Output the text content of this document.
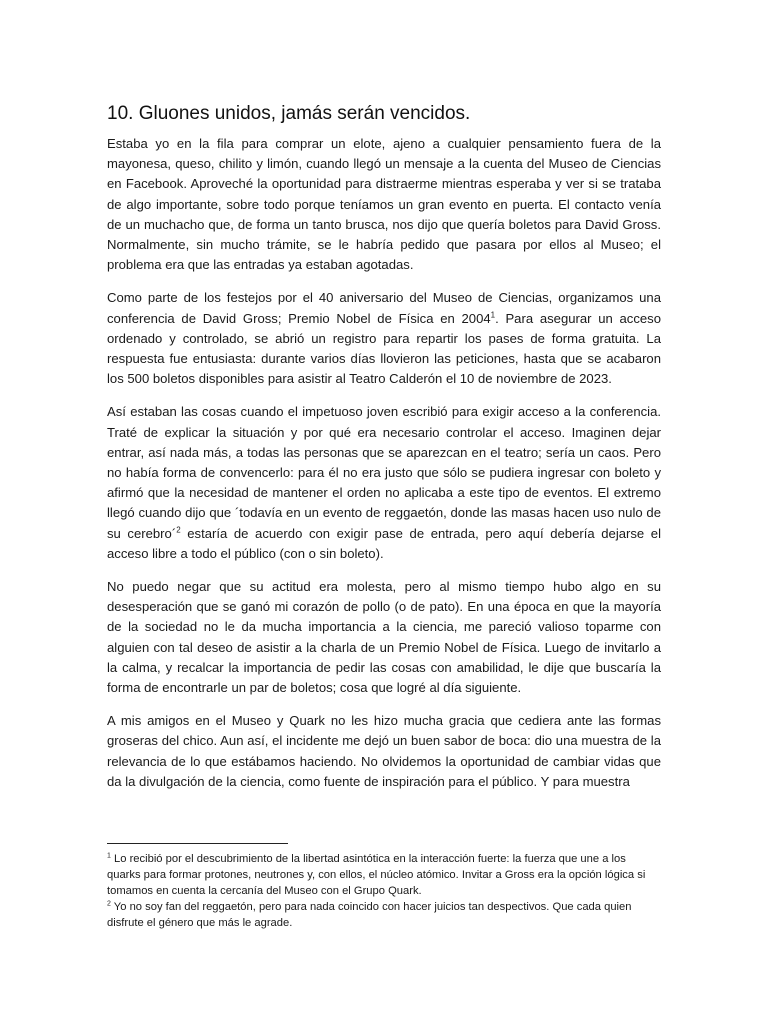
10. Gluones unidos, jamás serán vencidos.

Estaba yo en la fila para comprar un elote, ajeno a cualquier pensamiento fuera de la mayonesa, queso, chilito y limón, cuando llegó un mensaje a la cuenta del Museo de Ciencias en Facebook. Aproveché la oportunidad para distraerme mientras esperaba y ver si se trataba de algo importante, sobre todo porque teníamos un gran evento en puerta. El contacto venía de un muchacho que, de forma un tanto brusca, nos dijo que quería boletos para David Gross. Normalmente, sin mucho trámite, se le habría pedido que pasara por ellos al Museo; el problema era que las entradas ya estaban agotadas.

Como parte de los festejos por el 40 aniversario del Museo de Ciencias, organizamos una conferencia de David Gross; Premio Nobel de Física en 2004$^1$. Para asegurar un acceso ordenado y controlado, se abrió un registro para repartir los pases de forma gratuita. La respuesta fue entusiasta: durante varios días llovieron las peticiones, hasta que se acabaron los 500 boletos disponibles para asistir al Teatro Calderón el 10 de noviembre de 2023.

Así estaban las cosas cuando el impetuoso joven escribió para exigir acceso a la conferencia. Traté de explicar la situación y por qué era necesario controlar el acceso. Imaginen dejar entrar, así nada más, a todas las personas que se aparezcan en el teatro; sería un caos. Pero no había forma de convencerlo: para él no era justo que sólo se pudiera ingresar con boleto y afirmó que la necesidad de mantener el orden no aplicaba a este tipo de eventos. El extremo llegó cuando dijo que ´todavía en un evento de reggaetón, donde las masas hacen uso nulo de su cerebro´$^2$ estaría de acuerdo con exigir pase de entrada, pero aquí debería dejarse el acceso libre a todo el público (con o sin boleto).

No puedo negar que su actitud era molesta, pero al mismo tiempo hubo algo en su desesperación que se ganó mi corazón de pollo (o de pato). En una época en que la mayoría de la sociedad no le da mucha importancia a la ciencia, me pareció valioso toparme con alguien con tal deseo de asistir a la charla de un Premio Nobel de Física. Luego de invitarlo a la calma, y recalcar la importancia de pedir las cosas con amabilidad, le dije que buscaría la forma de encontrarle un par de boletos; cosa que logré al día siguiente.

A mis amigos en el Museo y Quark no les hizo mucha gracia que cediera ante las formas groseras del chico. Aun así, el incidente me dejó un buen sabor de boca: dio una muestra de la relevancia de lo que estábamos haciendo. No olvidemos la oportunidad de cambiar vidas que da la divulgación de la ciencia, como fuente de inspiración para el público. Y para muestra

$^1$ Lo recibió por el descubrimiento de la libertad asintótica en la interacción fuerte: la fuerza que une a los quarks para formar protones, neutrones y, con ellos, el núcleo atómico. Invitar a Gross era la opción lógica si tomamos en cuenta la cercanía del Museo con el Grupo Quark.

$^2$ Yo no soy fan del reggaetón, pero para nada coincido con hacer juicios tan despectivos. Que cada quien disfrute el género que más le agrade.
